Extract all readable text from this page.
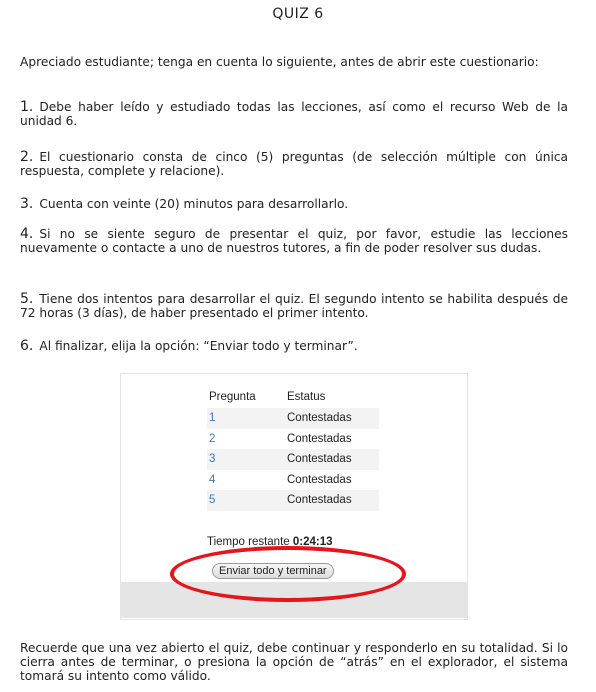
QUIZ 6

Apreciado estudiante; tenga en cuenta lo siguiente, antes de abrir este cuestionario:

1. Debe haber leído y estudiado todas las lecciones, así como el recurso Web de la unidad 6.

2. El cuestionario consta de cinco (5) preguntas (de selección múltiple con única respuesta, complete y relacione).

3. Cuenta con veinte (20) minutos para desarrollarlo.

4. Si no se siente seguro de presentar el quiz, por favor, estudie las lecciones nuevamente o contacte a uno de nuestros tutores, a fin de poder resolver sus dudas.

5. Tiene dos intentos para desarrollar el quiz. El segundo intento se habilita después de 72 horas (3 días), de haber presentado el primer intento.

6. Al finalizar, elija la opción: “Enviar todo y terminar”.

Pregunta	Estatus
1	Contestadas
2	Contestadas
3	Contestadas
4	Contestadas
5	Contestadas
Tiempo restante 0:24:13
Enviar todo y terminar

Recuerde que una vez abierto el quiz, debe continuar y responderlo en su totalidad. Si lo cierra antes de terminar, o presiona la opción de “atrás” en el explorador, el sistema tomará su intento como válido.
